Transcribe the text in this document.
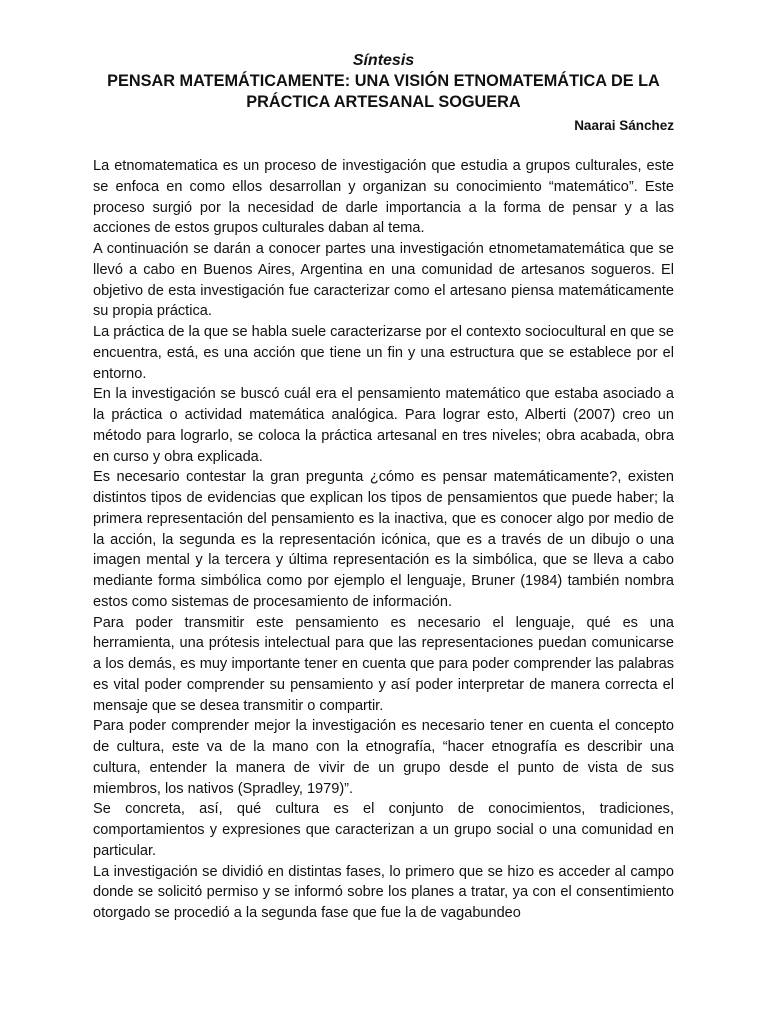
Síntesis

PENSAR MATEMÁTICAMENTE: UNA VISIÓN ETNOMATEMÁTICA DE LA PRÁCTICA ARTESANAL SOGUERA

Naarai Sánchez

La etnomatematica es un proceso de investigación que estudia a grupos culturales, este se enfoca en como ellos desarrollan y organizan su conocimiento “matemático”. Este proceso surgió por la necesidad de darle importancia a la forma de pensar y a las acciones de estos grupos culturales daban al tema.

A continuación se darán a conocer partes una investigación etnometamatemática que se llevó a cabo en Buenos Aires, Argentina en una comunidad de artesanos sogueros. El objetivo de esta investigación fue caracterizar como el artesano piensa matemáticamente su propia práctica.

La práctica de la que se habla suele caracterizarse por el contexto sociocultural en que se encuentra, está, es una acción que tiene un fin y una estructura que se establece por el entorno.

En la investigación se buscó cuál era el pensamiento matemático que estaba asociado a la práctica o actividad matemática analógica. Para lograr esto, Alberti (2007) creo un método para lograrlo, se coloca la práctica artesanal en tres niveles; obra acabada, obra en curso y obra explicada.

Es necesario contestar la gran pregunta ¿cómo es pensar matemáticamente?, existen distintos tipos de evidencias que explican los tipos de pensamientos que puede haber; la primera representación del pensamiento es la inactiva, que es conocer algo por medio de la acción, la segunda es la representación icónica, que es a través de un dibujo o una imagen mental y la tercera y última representación es la simbólica, que se lleva a cabo mediante forma simbólica como por ejemplo el lenguaje, Bruner (1984) también nombra estos como sistemas de procesamiento de información.

Para poder transmitir este pensamiento es necesario el lenguaje, qué es una herramienta, una prótesis intelectual para que las representaciones puedan comunicarse a los demás, es muy importante tener en cuenta que para poder comprender las palabras es vital poder comprender su pensamiento y así poder interpretar de manera correcta el mensaje que se desea transmitir o compartir.

Para poder comprender mejor la investigación es necesario tener en cuenta el concepto de cultura, este va de la mano con la etnografía, “hacer etnografía es describir una cultura, entender la manera de vivir de un grupo desde el punto de vista de sus miembros, los nativos (Spradley, 1979)”.

Se concreta, así, qué cultura es el conjunto de conocimientos, tradiciones, comportamientos y expresiones que caracterizan a un grupo social o una comunidad en particular.

La investigación se dividió en distintas fases, lo primero que se hizo es acceder al campo donde se solicitó permiso y se informó sobre los planes a tratar, ya con el consentimiento otorgado se procedió a la segunda fase que fue la de vagabundeo
